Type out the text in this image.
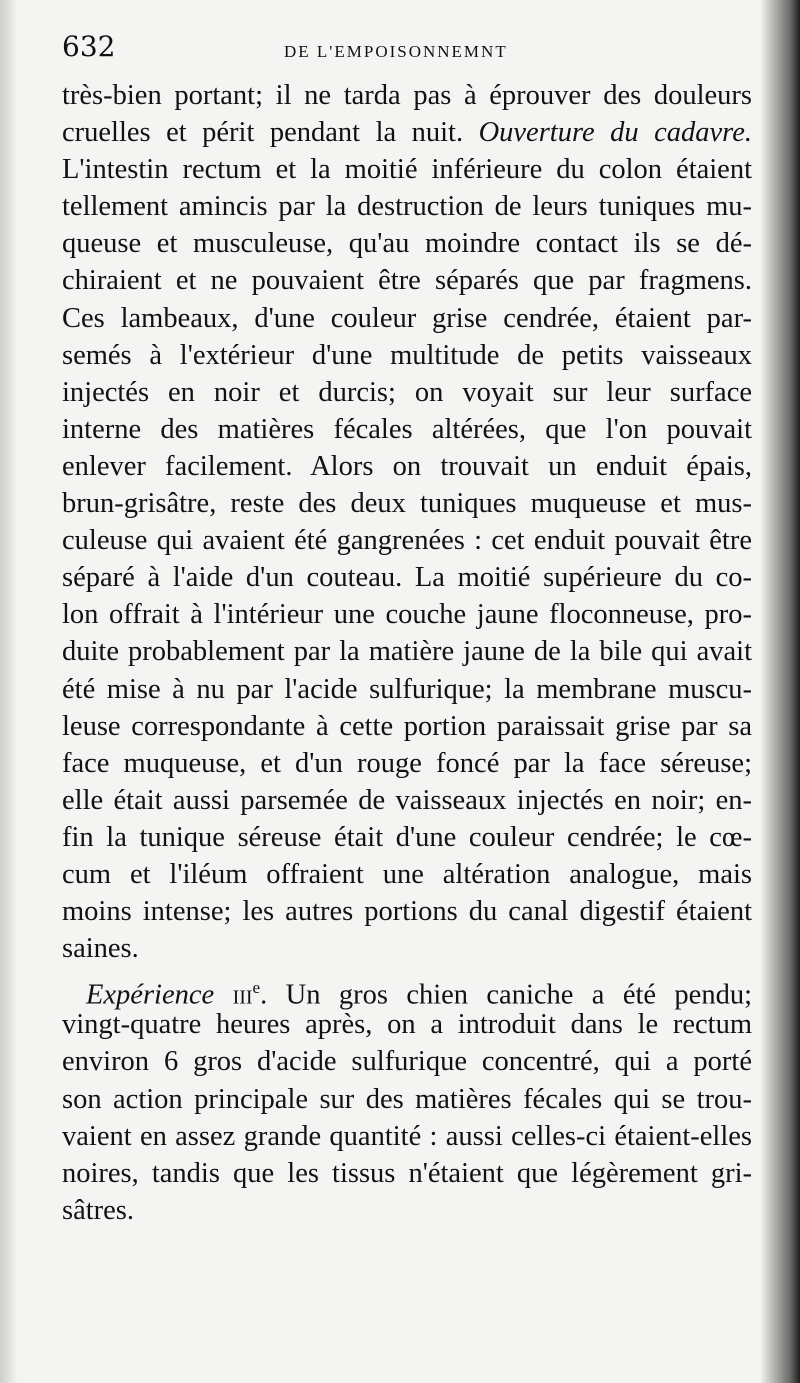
632	DE L'EMPOISONNEMNT
très-bien portant; il ne tarda pas à éprouver des douleurs
cruelles et périt pendant la nuit. Ouverture du cadavre.
L'intestin rectum et la moitié inférieure du colon étaient
tellement amincis par la destruction de leurs tuniques mu-
queuse et musculeuse, qu'au moindre contact ils se dé-
chiraient et ne pouvaient être séparés que par fragmens.
Ces lambeaux, d'une couleur grise cendrée, étaient par-
semés à l'extérieur d'une multitude de petits vaisseaux
injectés en noir et durcis; on voyait sur leur surface
interne des matières fécales altérées, que l'on pouvait
enlever facilement. Alors on trouvait un enduit épais,
brun-grisâtre, reste des deux tuniques muqueuse et mus-
culeuse qui avaient été gangrenées : cet enduit pouvait être
séparé à l'aide d'un couteau. La moitié supérieure du co-
lon offrait à l'intérieur une couche jaune floconneuse, pro-
duite probablement par la matière jaune de la bile qui avait
été mise à nu par l'acide sulfurique; la membrane muscu-
leuse correspondante à cette portion paraissait grise par sa
face muqueuse, et d'un rouge foncé par la face séreuse;
elle était aussi parsemée de vaisseaux injectés en noir; en-
fin la tunique séreuse était d'une couleur cendrée; le cœ-
cum et l'iléum offraient une altération analogue, mais
moins intense; les autres portions du canal digestif étaient
saines.
Expérience iii$^e$. Un gros chien caniche a été pendu;
vingt-quatre heures après, on a introduit dans le rectum
environ 6 gros d'acide sulfurique concentré, qui a porté
son action principale sur des matières fécales qui se trou-
vaient en assez grande quantité : aussi celles-ci étaient-elles
noires, tandis que les tissus n'étaient que légèrement gri-
sâtres.
